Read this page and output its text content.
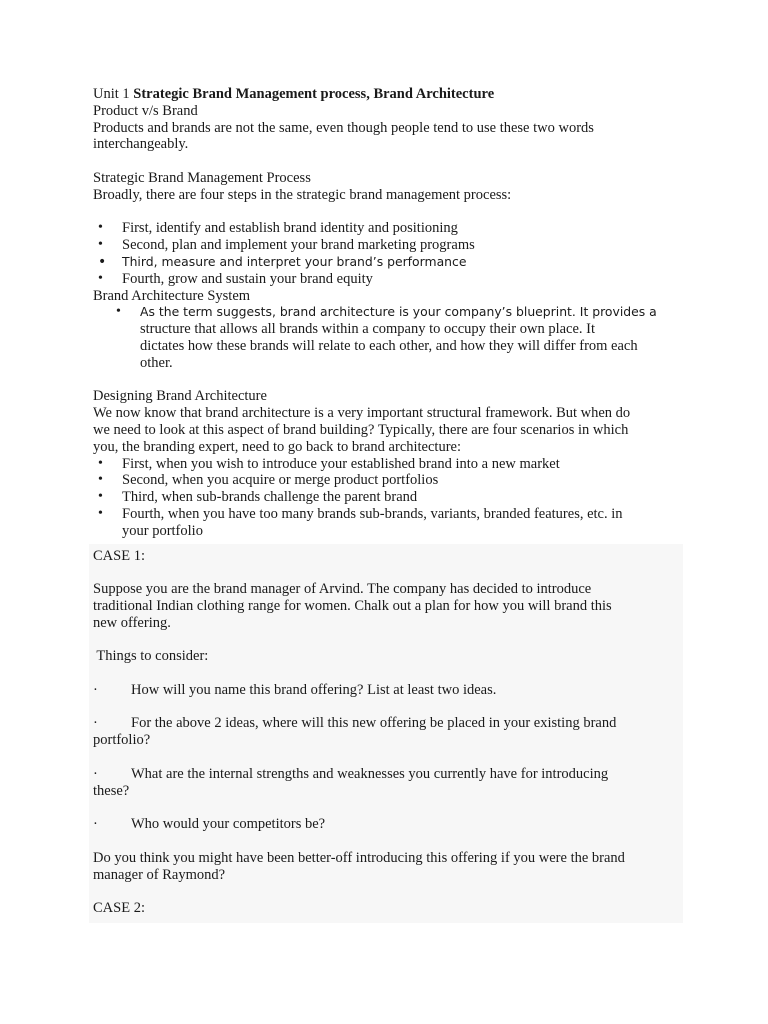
Unit 1 Strategic Brand Management process, Brand Architecture

Product v/s Brand

Products and brands are not the same, even though people tend to use these two words

interchangeably.

Strategic Brand Management Process

Broadly, there are four steps in the strategic brand management process:

• First, identify and establish brand identity and positioning
• Second, plan and implement your brand marketing programs
• Third, measure and interpret your brand’s performance
• Fourth, grow and sustain your brand equity

Brand Architecture System

• As the term suggests, brand architecture is your company’s blueprint. It provides a
structure that allows all brands within a company to occupy their own place. It
dictates how these brands will relate to each other, and how they will differ from each
other.

Designing Brand Architecture

We now know that brand architecture is a very important structural framework. But when do

we need to look at this aspect of brand building? Typically, there are four scenarios in which

you, the branding expert, need to go back to brand architecture:

• First, when you wish to introduce your established brand into a new market
• Second, when you acquire or merge product portfolios
• Third, when sub-brands challenge the parent brand
• Fourth, when you have too many brands sub-brands, variants, branded features, etc. in
your portfolio

CASE 1:

Suppose you are the brand manager of Arvind. The company has decided to introduce

traditional Indian clothing range for women. Chalk out a plan for how you will brand this

new offering.

Things to consider:

· How will you name this brand offering? List at least two ideas.

· For the above 2 ideas, where will this new offering be placed in your existing brand

portfolio?

· What are the internal strengths and weaknesses you currently have for introducing

these?

· Who would your competitors be?

Do you think you might have been better-off introducing this offering if you were the brand

manager of Raymond?

CASE 2:
